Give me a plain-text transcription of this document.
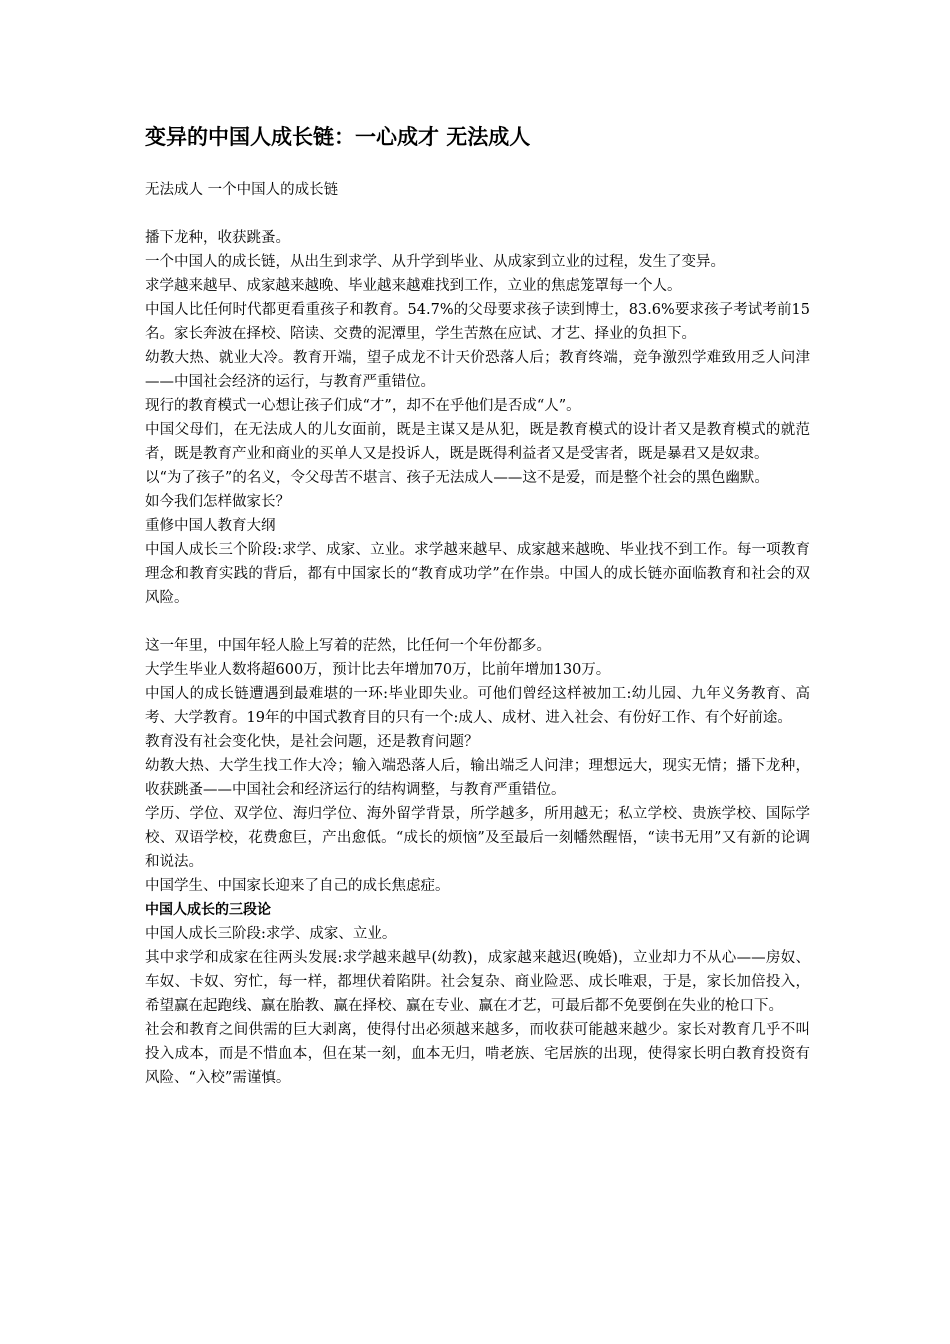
变异的中国人成长链：一心成才 无法成人
无法成人 一个中国人的成长链

播下龙种，收获跳蚤。

一个中国人的成长链，从出生到求学、从升学到毕业、从成家到立业的过程，发生了变异。

求学越来越早、成家越来越晚、毕业越来越难找到工作，立业的焦虑笼罩每一个人。

中国人比任何时代都更看重孩子和教育。54.7%的父母要求孩子读到博士，83.6%要求孩子考试考前15名。家长奔波在择校、陪读、交费的泥潭里，学生苦熬在应试、才艺、择业的负担下。

幼教大热、就业大冷。教育开端，望子成龙不计天价恐落人后；教育终端，竞争激烈学难致用乏人问津——中国社会经济的运行，与教育严重错位。

现行的教育模式一心想让孩子们成“才”，却不在乎他们是否成“人”。

中国父母们，在无法成人的儿女面前，既是主谋又是从犯，既是教育模式的设计者又是教育模式的就范者，既是教育产业和商业的买单人又是投诉人，既是既得利益者又是受害者，既是暴君又是奴隶。

以“为了孩子”的名义，令父母苦不堪言、孩子无法成人——这不是爱，而是整个社会的黑色幽默。

如今我们怎样做家长？

重修中国人教育大纲

中国人成长三个阶段:求学、成家、立业。求学越来越早、成家越来越晚、毕业找不到工作。每一项教育理念和教育实践的背后，都有中国家长的“教育成功学”在作祟。中国人的成长链亦面临教育和社会的双风险。

这一年里，中国年轻人脸上写着的茫然，比任何一个年份都多。

大学生毕业人数将超600万，预计比去年增加70万，比前年增加130万。

中国人的成长链遭遇到最难堪的一环:毕业即失业。可他们曾经这样被加工:幼儿园、九年义务教育、高考、大学教育。19年的中国式教育目的只有一个:成人、成材、进入社会、有份好工作、有个好前途。

教育没有社会变化快，是社会问题，还是教育问题？

幼教大热、大学生找工作大冷；输入端恐落人后，输出端乏人问津；理想远大，现实无情；播下龙种，收获跳蚤——中国社会和经济运行的结构调整，与教育严重错位。

学历、学位、双学位、海归学位、海外留学背景，所学越多，所用越无；私立学校、贵族学校、国际学校、双语学校，花费愈巨，产出愈低。“成长的烦恼”及至最后一刻幡然醒悟，“读书无用”又有新的论调和说法。

中国学生、中国家长迎来了自己的成长焦虑症。

中国人成长的三段论

中国人成长三阶段:求学、成家、立业。

其中求学和成家在往两头发展:求学越来越早(幼教)，成家越来越迟(晚婚)，立业却力不从心——房奴、车奴、卡奴、穷忙，每一样，都埋伏着陷阱。社会复杂、商业险恶、成长唯艰，于是，家长加倍投入，希望赢在起跑线、赢在胎教、赢在择校、赢在专业、赢在才艺，可最后都不免要倒在失业的枪口下。

社会和教育之间供需的巨大剥离，使得付出必须越来越多，而收获可能越来越少。家长对教育几乎不叫投入成本，而是不惜血本，但在某一刻，血本无归，啃老族、宅居族的出现，使得家长明白教育投资有风险、“入校”需谨慎。
